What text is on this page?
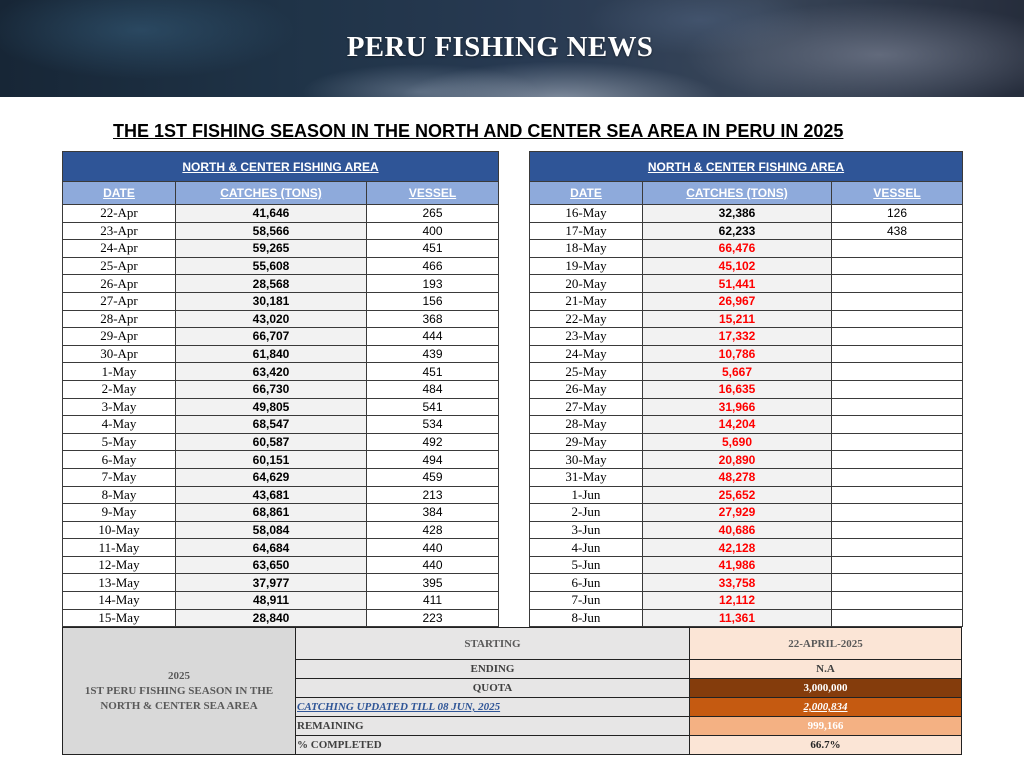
PERU FISHING NEWS
THE 1ST FISHING SEASON IN THE NORTH AND CENTER SEA AREA IN PERU IN 2025
NORTH & CENTER FISHING AREA		
DATE	CATCHES (TONS)	VESSEL
22-Apr	41,646	265
23-Apr	58,566	400
24-Apr	59,265	451
25-Apr	55,608	466
26-Apr	28,568	193
27-Apr	30,181	156
28-Apr	43,020	368
29-Apr	66,707	444
30-Apr	61,840	439
1-May	63,420	451
2-May	66,730	484
3-May	49,805	541
4-May	68,547	534
5-May	60,587	492
6-May	60,151	494
7-May	64,629	459
8-May	43,681	213
9-May	68,861	384
10-May	58,084	428
11-May	64,684	440
12-May	63,650	440
13-May	37,977	395
14-May	48,911	411
15-May	28,840	223
NORTH & CENTER FISHING AREA		
DATE	CATCHES (TONS)	VESSEL
16-May	32,386	126
17-May	62,233	438
18-May	66,476	
19-May	45,102	
20-May	51,441	
21-May	26,967	
22-May	15,211	
23-May	17,332	
24-May	10,786	
25-May	5,667	
26-May	16,635	
27-May	31,966	
28-May	14,204	
29-May	5,690	
30-May	20,890	
31-May	48,278	
1-Jun	25,652	
2-Jun	27,929	
3-Jun	40,686	
4-Jun	42,128	
5-Jun	41,986	
6-Jun	33,758	
7-Jun	12,112	
8-Jun	11,361	
2025
1ST PERU FISHING SEASON IN THE
NORTH & CENTER SEA AREA
STARTING	22-APRIL-2025
ENDING	N.A
QUOTA	3,000,000
CATCHING UPDATED TILL 08 JUN, 2025	2,000,834
REMAINING	999,166
% COMPLETED	66.7%
